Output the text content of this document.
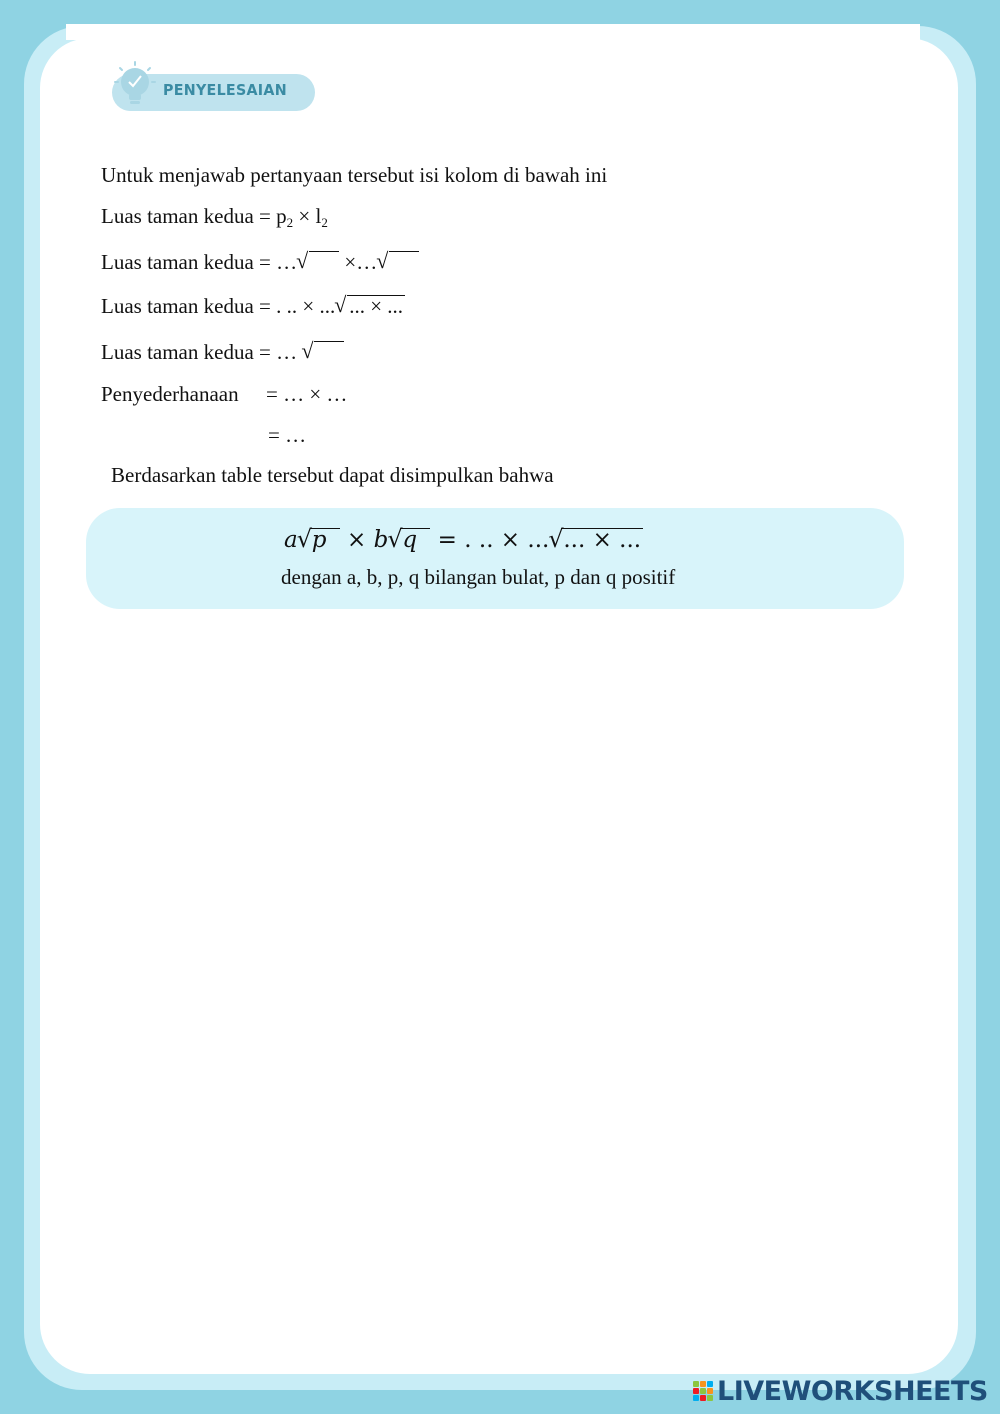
PENYELESAIAN
Untuk menjawab pertanyaan tersebut isi kolom di bawah ini
Luas taman kedua = p2 × l2
Luas taman kedua = … √ ×…√
Luas taman kedua = . .. × ... √ ... × ...
Luas taman kedua = … √
Penyederhanaan = … × …
= …
Berdasarkan table tersebut dapat disimpulkan bahwa
a √ p × b √ q = . .. × ... √ ... × ...
dengan a, b, p, q bilangan bulat, p dan q positif
LIVEWORKSHEETS
